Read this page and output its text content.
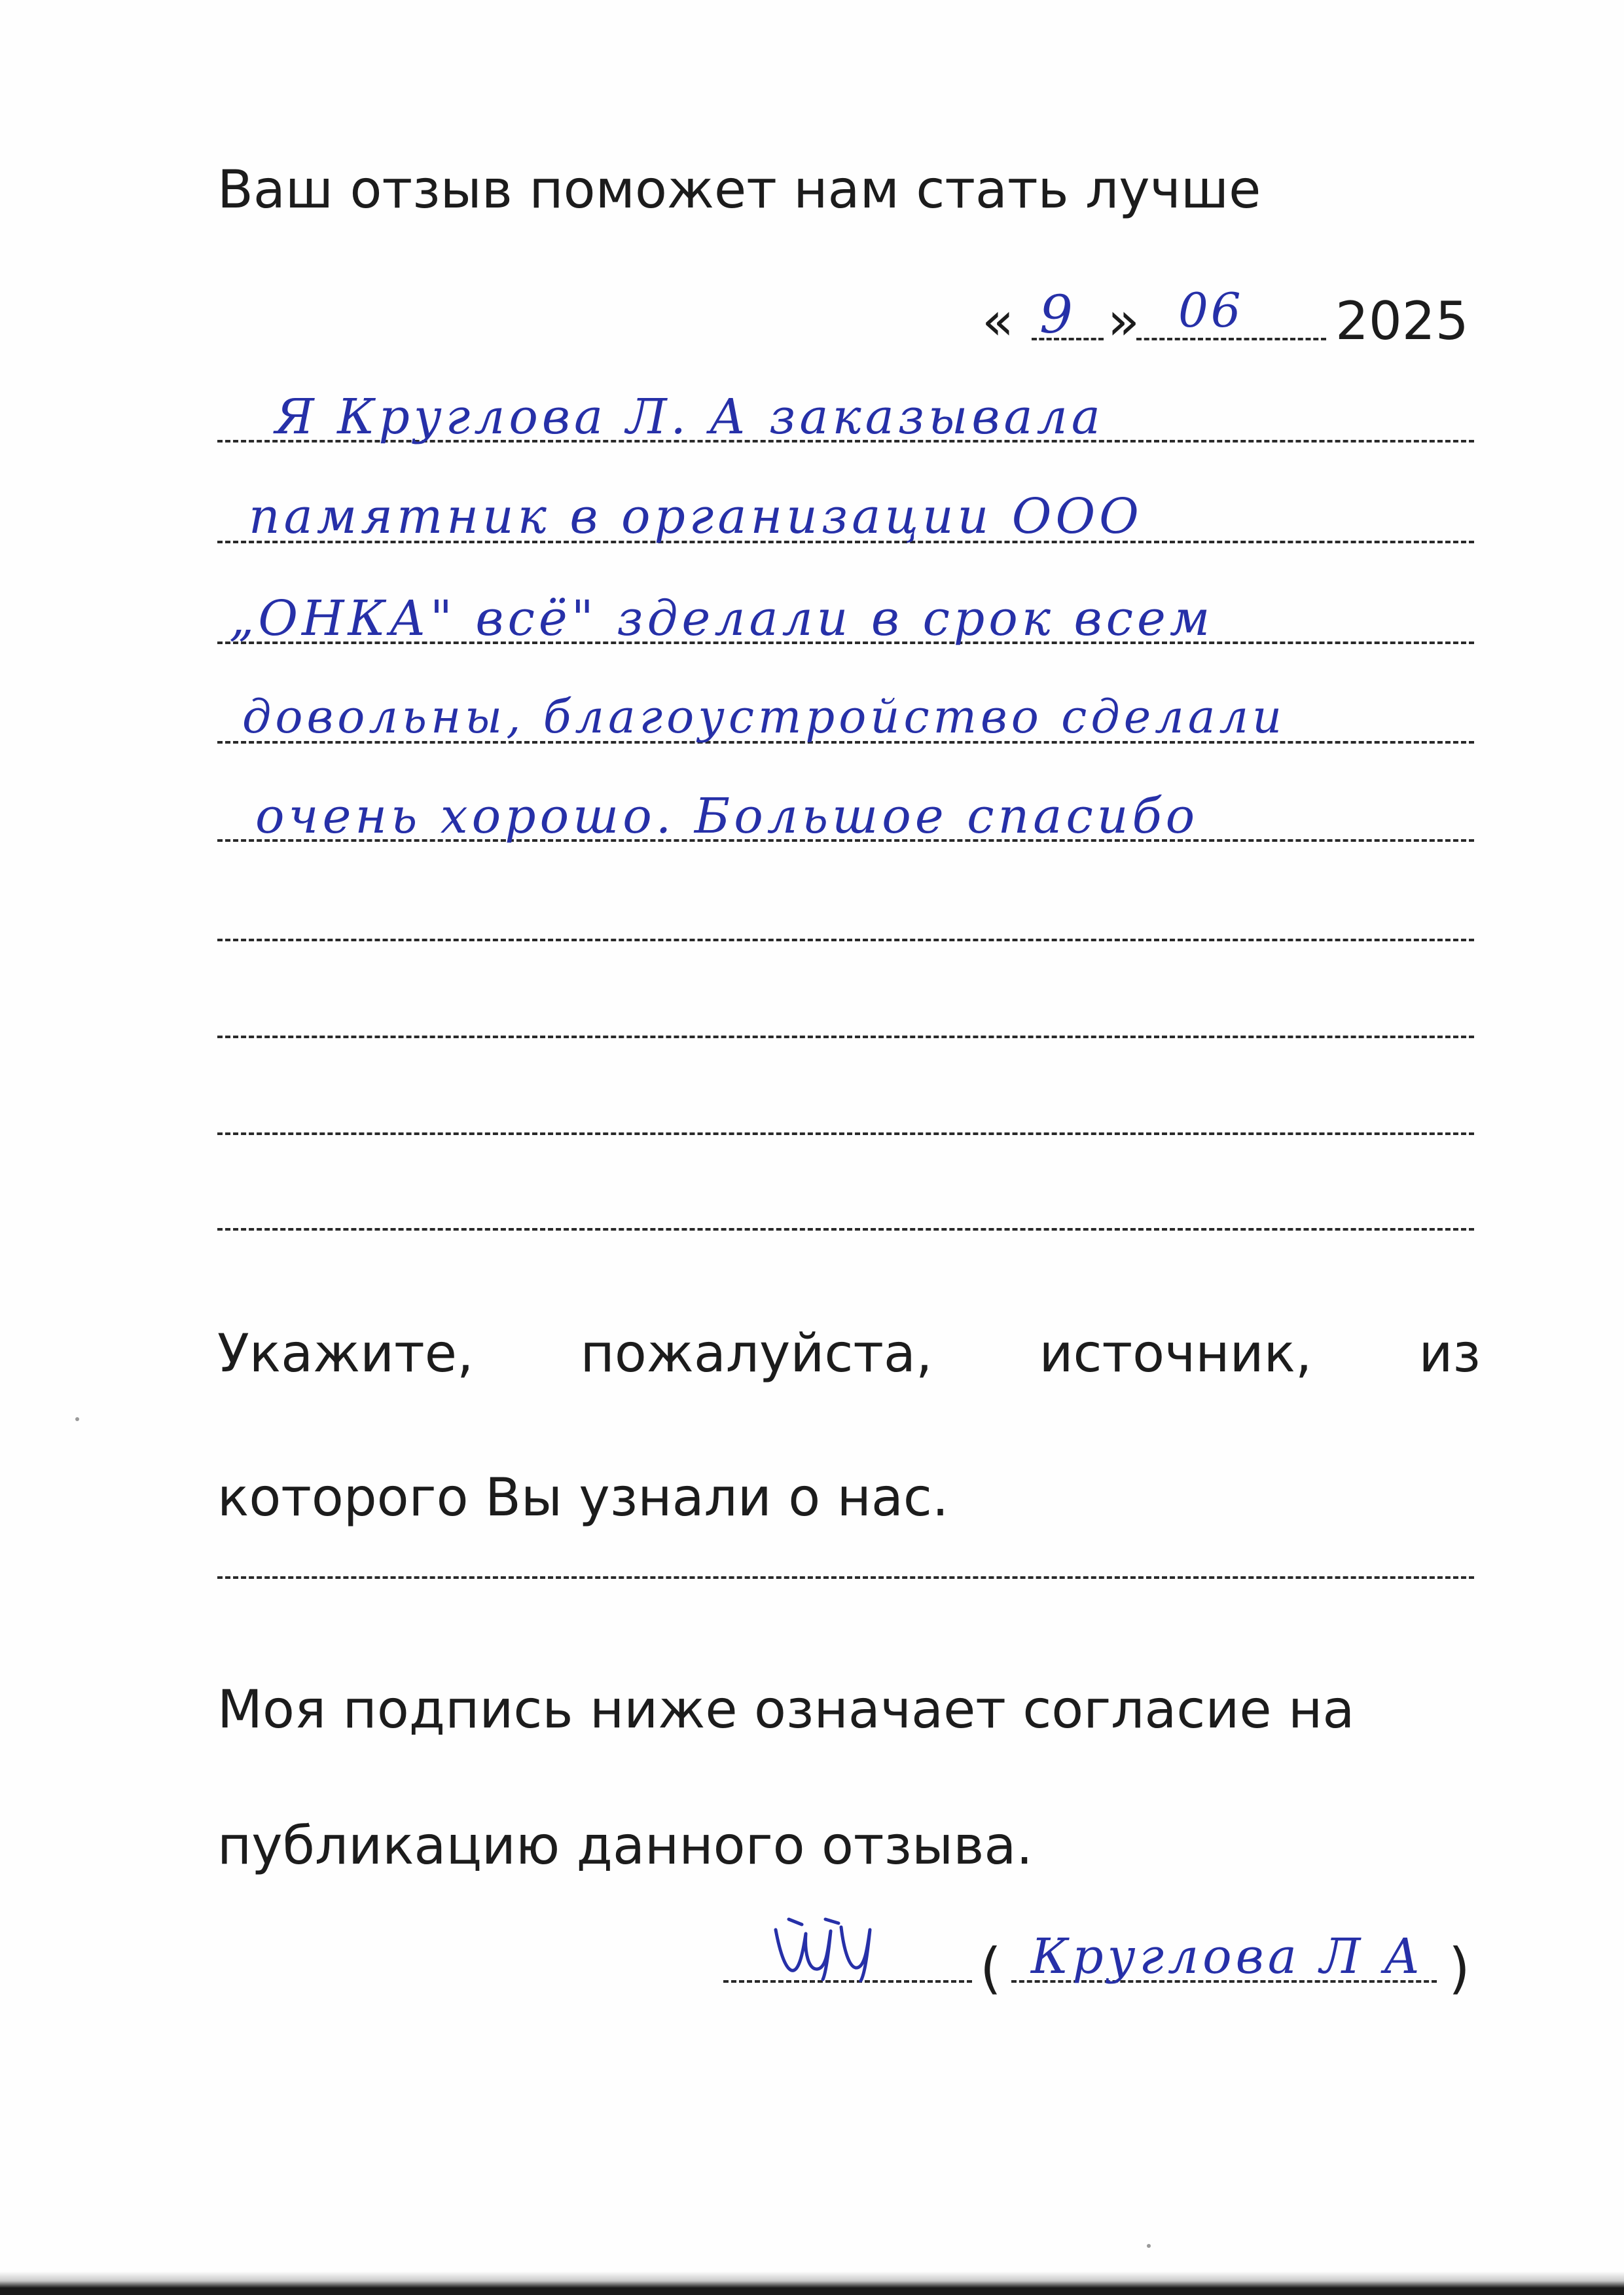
Ваш отзыв поможет нам стать лучше
« 9 » 06 2025
Я Круглова Л. А заказывала
памятник в организации ООО
„ОНКА" всё" зделали в срок всем
довольны, благоустройство сделали
очень хорошо. Большое спасибо
Укажите, пожалуйста, источник, из
которого Вы узнали о нас.
Моя подпись ниже означает согласие на
публикацию данного отзыва.
( Круглова Л А )
